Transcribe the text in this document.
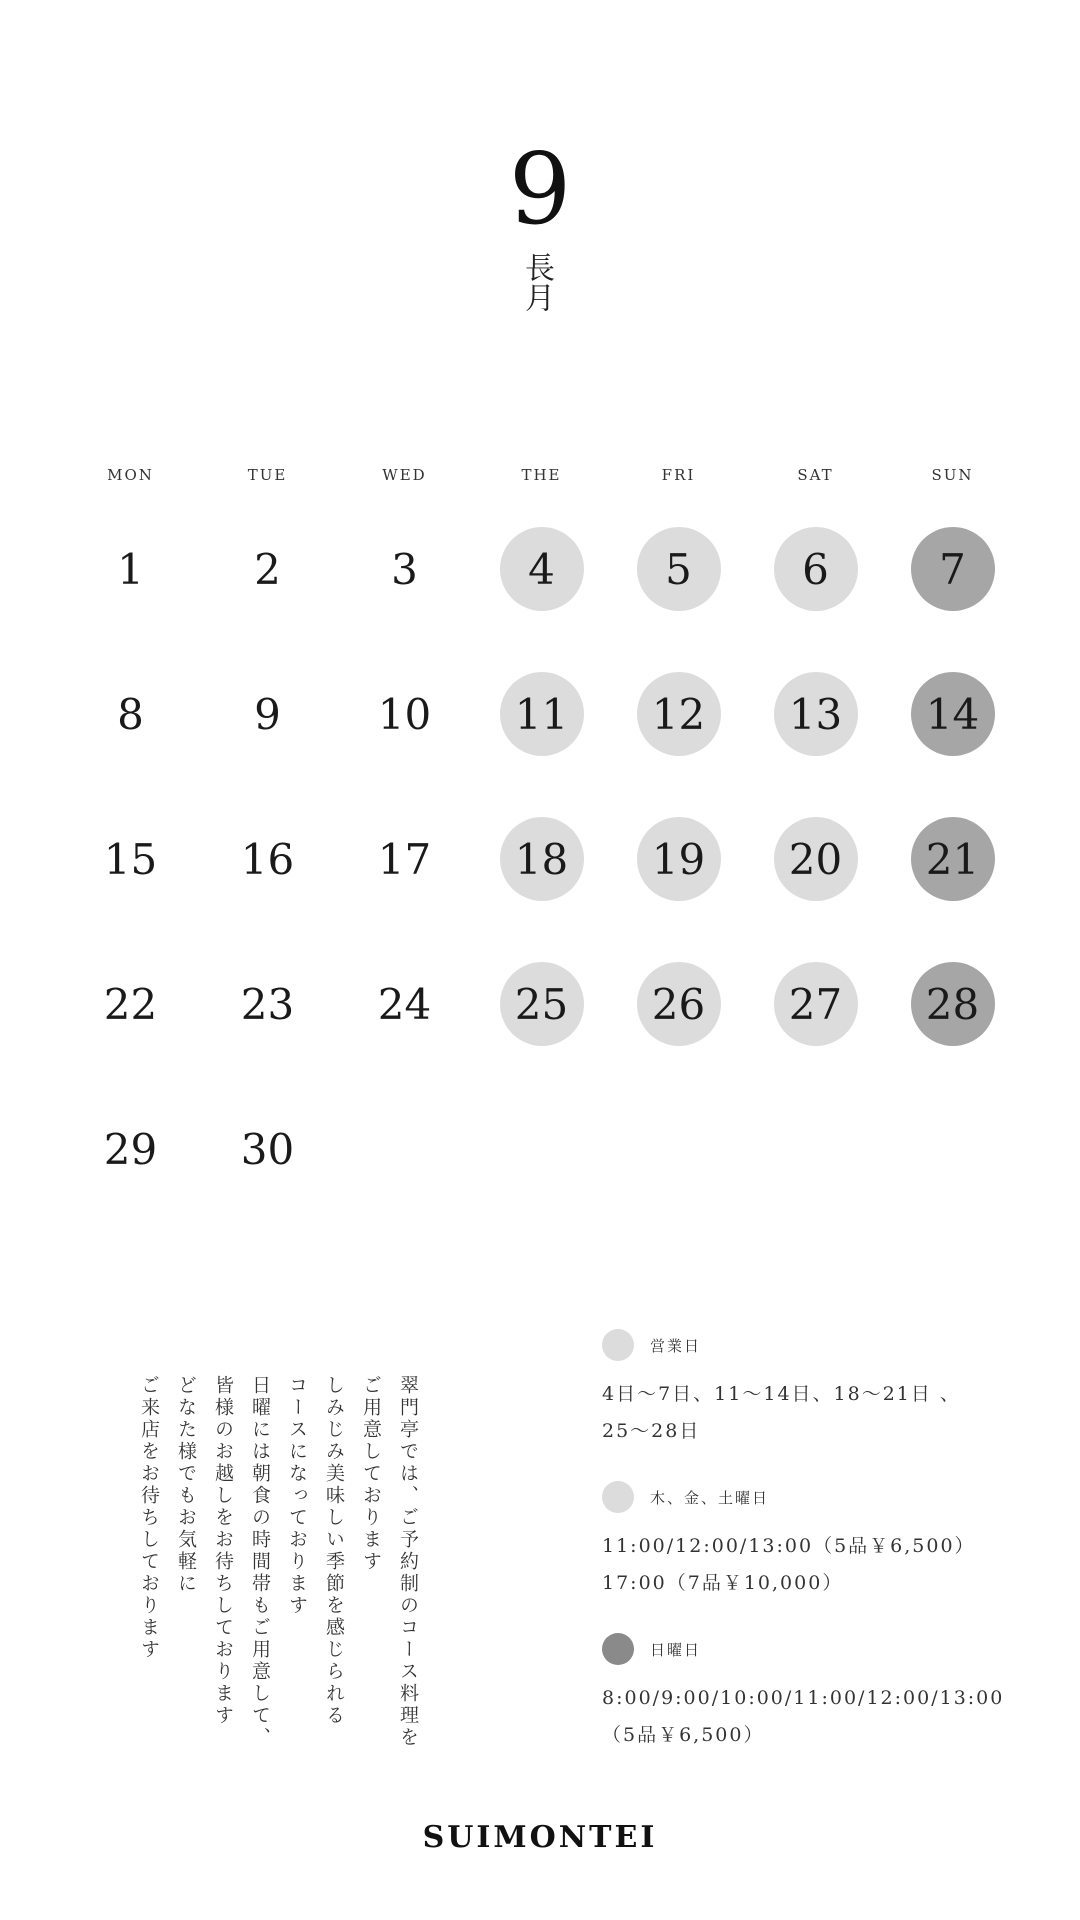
9
長月
MON	TUE	WED	THE	FRI	SAT	SUN
1	2	3	4	5	6	7
8	9	10	11	12	13	14
15	16	17	18	19	20	21
22	23	24	25	26	27	28
29	30
翠門亭では、ご予約制のコース料理を
ご用意しております
しみじみ美味しい季節を感じられる
コースになっております
日曜には朝食の時間帯もご用意して、
皆様のお越しをお待ちしております
どなた様でもお気軽に
ご来店をお待ちしております
営業日
4日〜7日、11〜14日、18〜21日 、
25〜28日
木、金、土曜日
11:00/12:00/13:00（5品￥6,500）
17:00（7品￥10,000）
日曜日
8:00/9:00/10:00/11:00/12:00/13:00
（5品￥6,500）
SUIMONTEI
